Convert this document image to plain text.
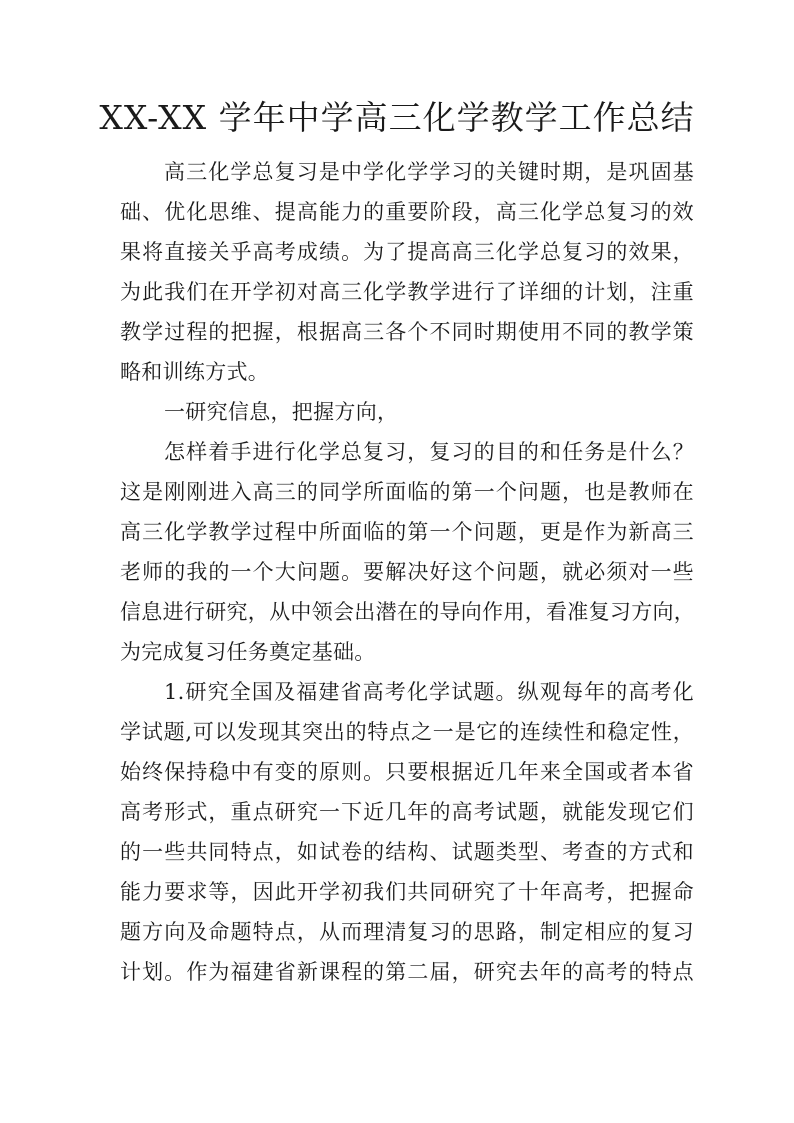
XX-XX 学年中学高三化学教学工作总结
高三化学总复习是中学化学学习的关键时期，是巩固基
础、优化思维、提高能力的重要阶段，高三化学总复习的效
果将直接关乎高考成绩。为了提高高三化学总复习的效果，
为此我们在开学初对高三化学教学进行了详细的计划，注重
教学过程的把握，根据高三各个不同时期使用不同的教学策
略和训练方式。
一研究信息，把握方向，
怎样着手进行化学总复习，复习的目的和任务是什么？
这是刚刚进入高三的同学所面临的第一个问题，也是教师在
高三化学教学过程中所面临的第一个问题，更是作为新高三
老师的我的一个大问题。要解决好这个问题，就必须对一些
信息进行研究，从中领会出潜在的导向作用，看准复习方向，
为完成复习任务奠定基础。
1.研究全国及福建省高考化学试题。纵观每年的高考化
学试题,可以发现其突出的特点之一是它的连续性和稳定性，
始终保持稳中有变的原则。只要根据近几年来全国或者本省
高考形式，重点研究一下近几年的高考试题，就能发现它们
的一些共同特点，如试卷的结构、试题类型、考查的方式和
能力要求等，因此开学初我们共同研究了十年高考，把握命
题方向及命题特点，从而理清复习的思路，制定相应的复习
计划。作为福建省新课程的第二届，研究去年的高考的特点
